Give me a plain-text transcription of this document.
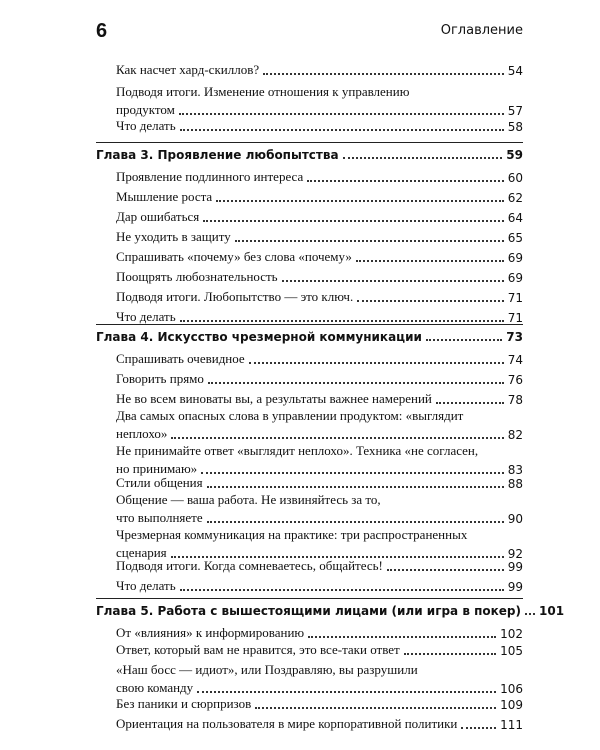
6	Оглавление
Как насчет хард-скиллов?	54
Подводя итоги. Изменение отношения к управлению
продуктом	57
Что делать	58
Глава 3. Проявление любопытства	59
Проявление подлинного интереса	60
Мышление роста	62
Дар ошибаться	64
Не уходить в защиту	65
Спрашивать «почему» без слова «почему»	69
Поощрять любознательность	69
Подводя итоги. Любопытство — это ключ.	71
Что делать	71
Глава 4. Искусство чрезмерной коммуникации	73
Спрашивать очевидное	74
Говорить прямо	76
Не во всем виноваты вы, а результаты важнее намерений	78
Два самых опасных слова в управлении продуктом: «выглядит
неплохо»	82
Не принимайте ответ «выглядит неплохо». Техника «не согласен,
но принимаю»	83
Стили общения	88
Общение — ваша работа. Не извиняйтесь за то,
что выполняете	90
Чрезмерная коммуникация на практике: три распространенных
сценария	92
Подводя итоги. Когда сомневаетесь, общайтесь!	99
Что делать	99
Глава 5. Работа с вышестоящими лицами (или игра в покер) 101
От «влияния» к информированию	102
Ответ, который вам не нравится, это все-таки ответ	105
«Наш босс — идиот», или Поздравляю, вы разрушили
свою команду	106
Без паники и сюрпризов	109
Ориентация на пользователя в мире корпоративной политики	111
